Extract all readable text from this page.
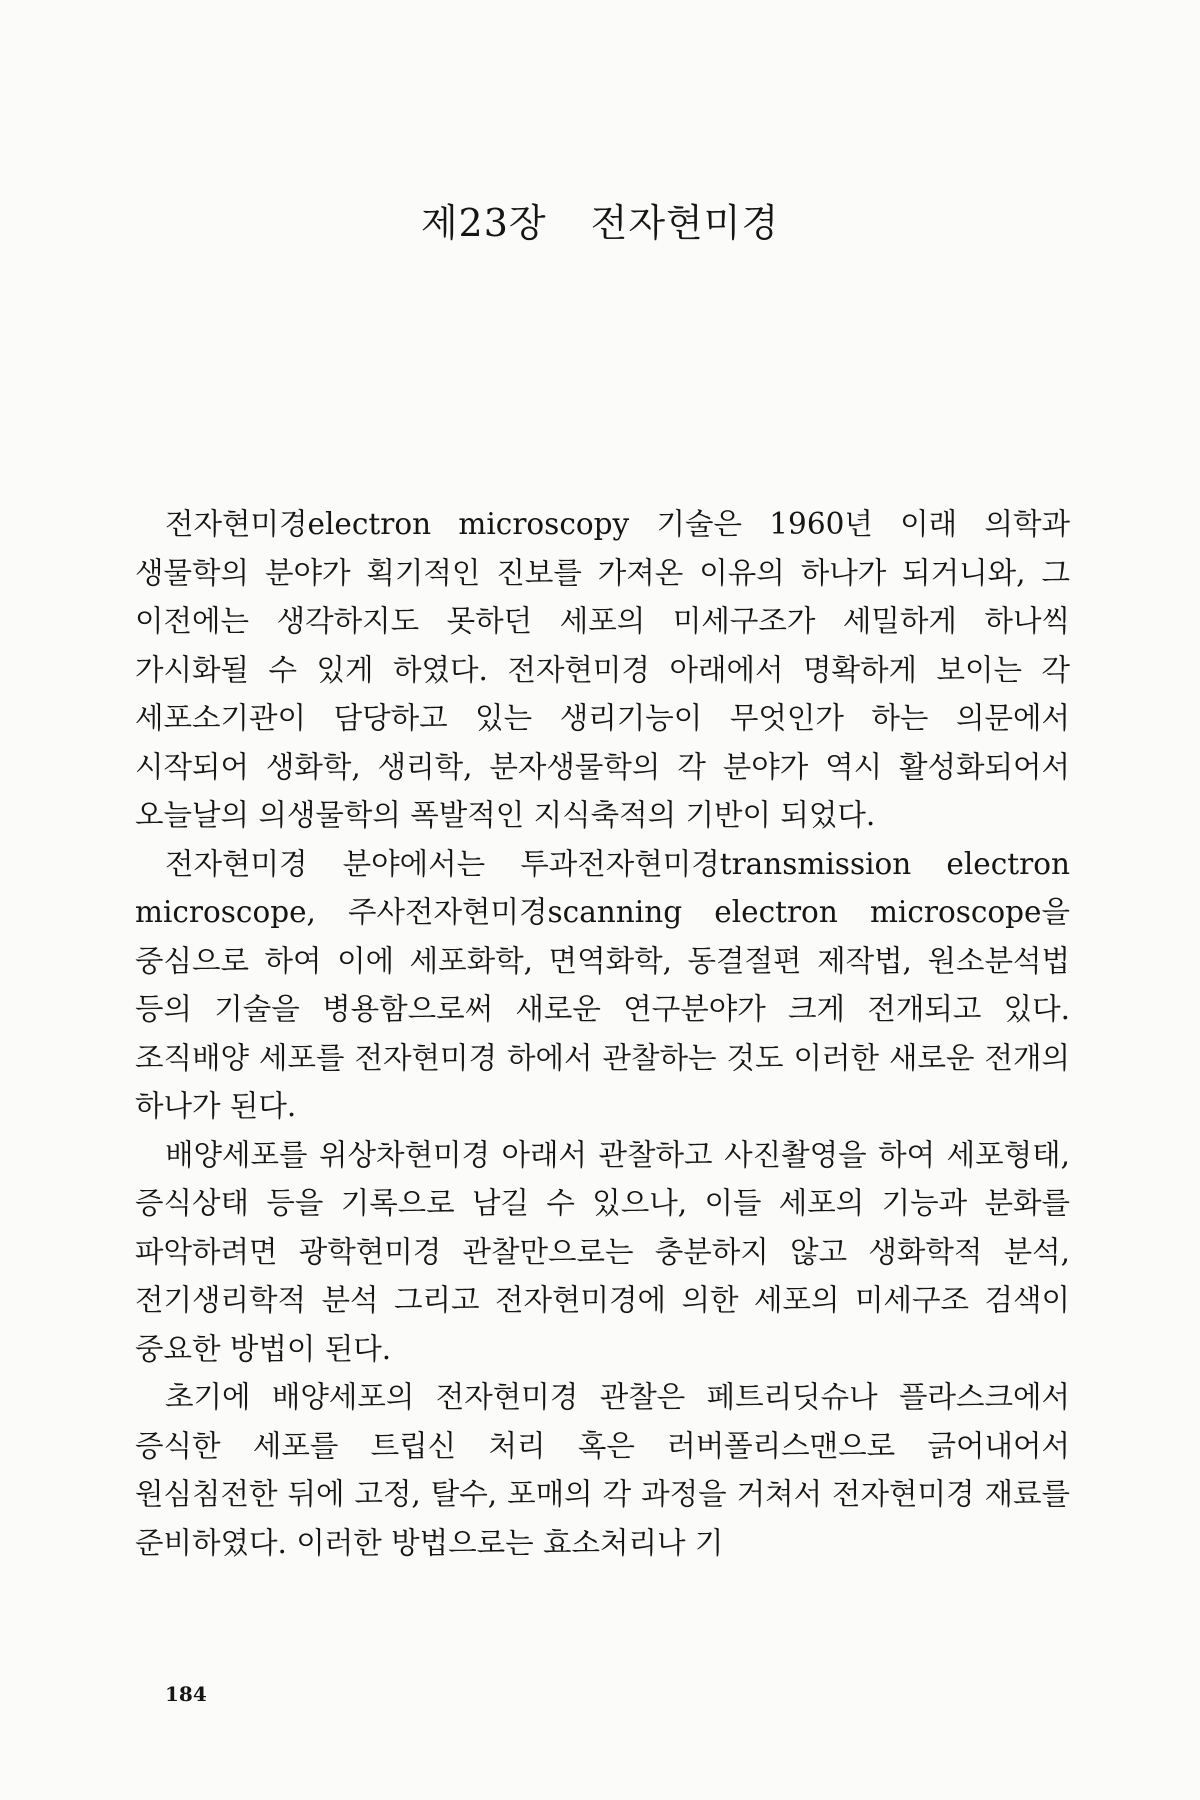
제23장 전자현미경

전자현미경electron microscopy 기술은 1960년 이래 의학과 생물학의 분야가 획기적인 진보를 가져온 이유의 하나가 되거니와, 그 이전에는 생각하지도 못하던 세포의 미세구조가 세밀하게 하나씩 가시화될 수 있게 하였다. 전자현미경 아래에서 명확하게 보이는 각 세포소기관이 담당하고 있는 생리기능이 무엇인가 하는 의문에서 시작되어 생화학, 생리학, 분자생물학의 각 분야가 역시 활성화되어서 오늘날의 의생물학의 폭발적인 지식축적의 기반이 되었다.

전자현미경 분야에서는 투과전자현미경transmission electron microscope, 주사전자현미경scanning electron microscope을 중심으로 하여 이에 세포화학, 면역화학, 동결절편 제작법, 원소분석법 등의 기술을 병용함으로써 새로운 연구분야가 크게 전개되고 있다. 조직배양 세포를 전자현미경 하에서 관찰하는 것도 이러한 새로운 전개의 하나가 된다.

배양세포를 위상차현미경 아래서 관찰하고 사진촬영을 하여 세포형태, 증식상태 등을 기록으로 남길 수 있으나, 이들 세포의 기능과 분화를 파악하려면 광학현미경 관찰만으로는 충분하지 않고 생화학적 분석, 전기생리학적 분석 그리고 전자현미경에 의한 세포의 미세구조 검색이 중요한 방법이 된다.

초기에 배양세포의 전자현미경 관찰은 페트리딧슈나 플라스크에서 증식한 세포를 트립신 처리 혹은 러버폴리스맨으로 긁어내어서 원심침전한 뒤에 고정, 탈수, 포매의 각 과정을 거쳐서 전자현미경 재료를 준비하였다. 이러한 방법으로는 효소처리나 기

184
